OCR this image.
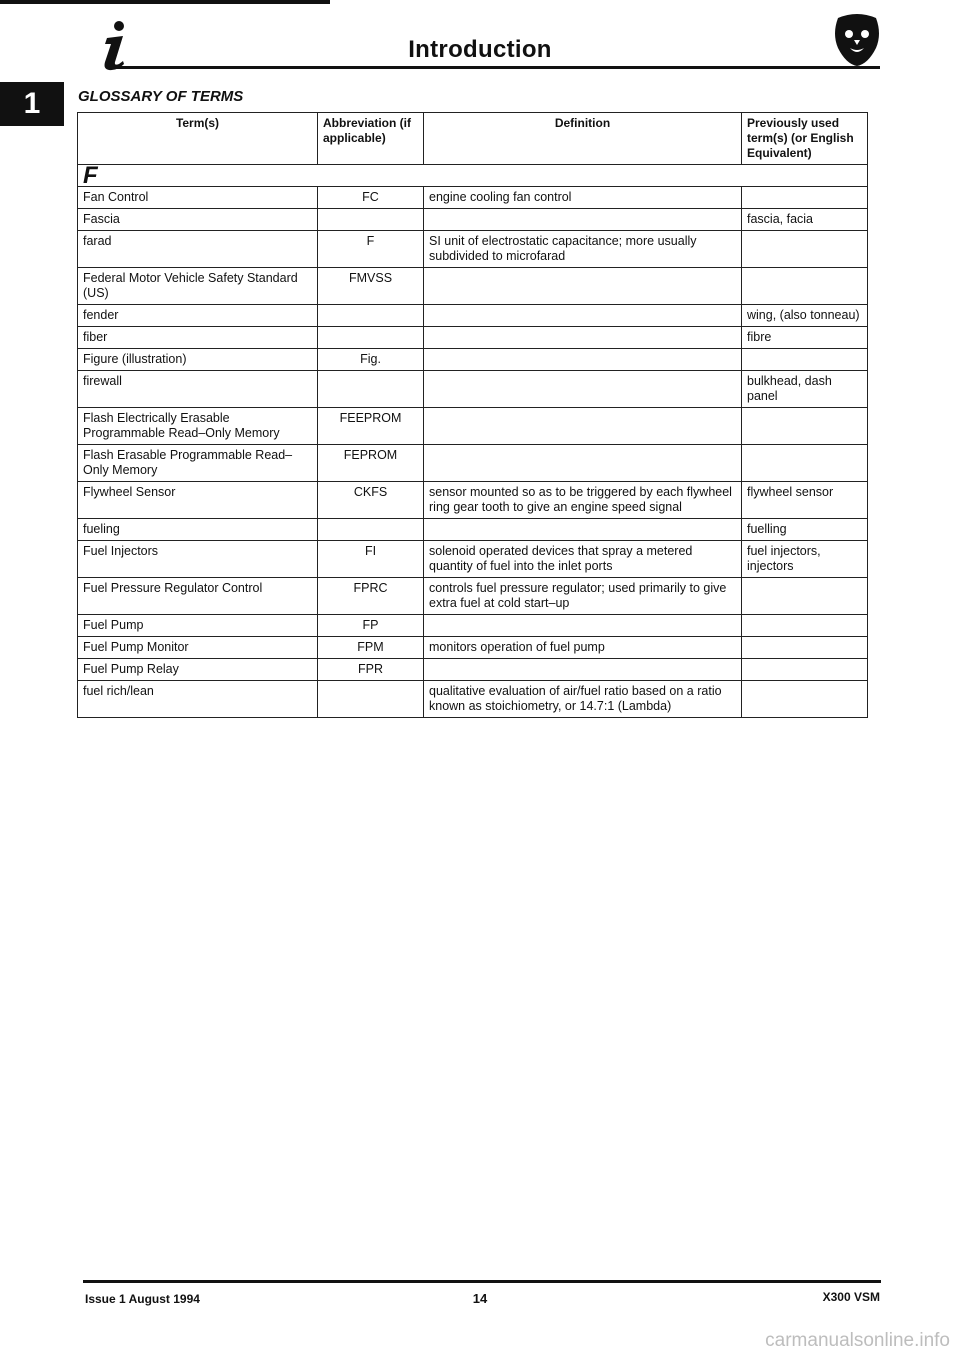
Introduction
1	GLOSSARY OF TERMS
Term(s)	Abbreviation (if applicable)	Definition	Previously used term(s) (or English Equivalent)
F			
Fan Control	FC	engine cooling fan control	
Fascia			fascia, facia
farad	F	SI unit of electrostatic capacitance; more usually subdivided to microfarad	
Federal Motor Vehicle Safety Standard (US)	FMVSS		
fender			wing, (also tonneau)
fiber			fibre
Figure (illustration)	Fig.		
firewall			bulkhead, dash panel
Flash Electrically Erasable Programmable Read–Only Memory	FEEPROM		
Flash Erasable Programmable Read–Only Memory	FEPROM		
Flywheel Sensor	CKFS	sensor mounted so as to be triggered by each flywheel ring gear tooth to give an engine speed signal	flywheel sensor
fueling			fuelling
Fuel Injectors	FI	solenoid operated devices that spray a metered quantity of fuel into the inlet ports	fuel injectors, injectors
Fuel Pressure Regulator Control	FPRC	controls fuel pressure regulator; used primarily to give extra fuel at cold start–up	
Fuel Pump	FP		
Fuel Pump Monitor	FPM	monitors operation of fuel pump	
Fuel Pump Relay	FPR		
fuel rich/lean		qualitative evaluation of air/fuel ratio based on a ratio known as stoichiometry, or 14.7:1 (Lambda)	
Issue 1 August 1994	14	X300 VSM
carmanualsonline.info
